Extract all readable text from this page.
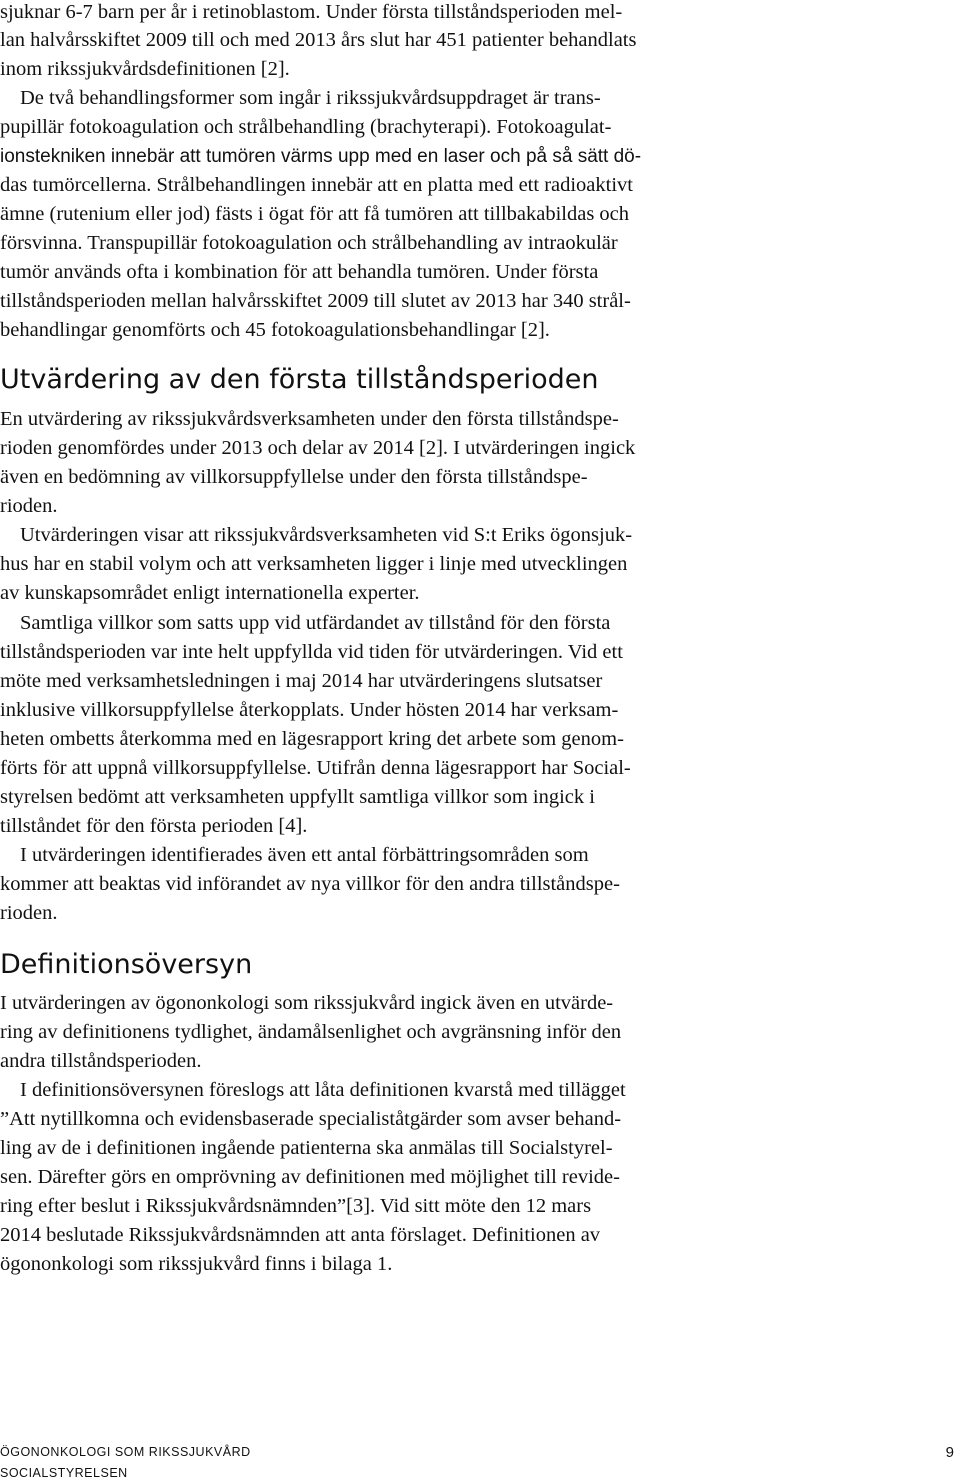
sjuknar 6-7 barn per år i retinoblastom. Under första tillståndsperioden mel-
lan halvårsskiftet 2009 till och med 2013 års slut har 451 patienter behandlats
inom rikssjukvårdsdefinitionen [2].
De två behandlingsformer som ingår i rikssjukvårdsuppdraget är trans-
pupillär fotokoagulation och strålbehandling (brachyterapi). Fotokoagulat-
ionstekniken innebär att tumören värms upp med en laser och på så sätt dö-
das tumörcellerna. Strålbehandlingen innebär att en platta med ett radioaktivt
ämne (rutenium eller jod) fästs i ögat för att få tumören att tillbakabildas och
försvinna. Transpupillär fotokoagulation och strålbehandling av intraokulär
tumör används ofta i kombination för att behandla tumören. Under första
tillståndsperioden mellan halvårsskiftet 2009 till slutet av 2013 har 340 strål-
behandlingar genomförts och 45 fotokoagulationsbehandlingar [2].
Utvärdering av den första tillståndsperioden
En utvärdering av rikssjukvårdsverksamheten under den första tillståndspe-
rioden genomfördes under 2013 och delar av 2014 [2]. I utvärderingen ingick
även en bedömning av villkorsuppfyllelse under den första tillståndspe-
rioden.
Utvärderingen visar att rikssjukvårdsverksamheten vid S:t Eriks ögonsjuk-
hus har en stabil volym och att verksamheten ligger i linje med utvecklingen
av kunskapsområdet enligt internationella experter.
Samtliga villkor som satts upp vid utfärdandet av tillstånd för den första
tillståndsperioden var inte helt uppfyllda vid tiden för utvärderingen. Vid ett
möte med verksamhetsledningen i maj 2014 har utvärderingens slutsatser
inklusive villkorsuppfyllelse återkopplats. Under hösten 2014 har verksam-
heten ombetts återkomma med en lägesrapport kring det arbete som genom-
förts för att uppnå villkorsuppfyllelse. Utifrån denna lägesrapport har Social-
styrelsen bedömt att verksamheten uppfyllt samtliga villkor som ingick i
tillståndet för den första perioden [4].
I utvärderingen identifierades även ett antal förbättringsområden som
kommer att beaktas vid införandet av nya villkor för den andra tillståndspe-
rioden.
Definitionsöversyn
I utvärderingen av ögononkologi som rikssjukvård ingick även en utvärde-
ring av definitionens tydlighet, ändamålsenlighet och avgränsning inför den
andra tillståndsperioden.
I definitionsöversynen föreslogs att låta definitionen kvarstå med tillägget
”Att nytillkomna och evidensbaserade specialiståtgärder som avser behand-
ling av de i definitionen ingående patienterna ska anmälas till Socialstyrel-
sen. Därefter görs en omprövning av definitionen med möjlighet till revide-
ring efter beslut i Rikssjukvårdsnämnden”[3]. Vid sitt möte den 12 mars
2014 beslutade Rikssjukvårdsnämnden att anta förslaget. Definitionen av
ögononkologi som rikssjukvård finns i bilaga 1.
ÖGONONKOLOGI SOM RIKSSJUKVÅRD
SOCIALSTYRELSEN
9
